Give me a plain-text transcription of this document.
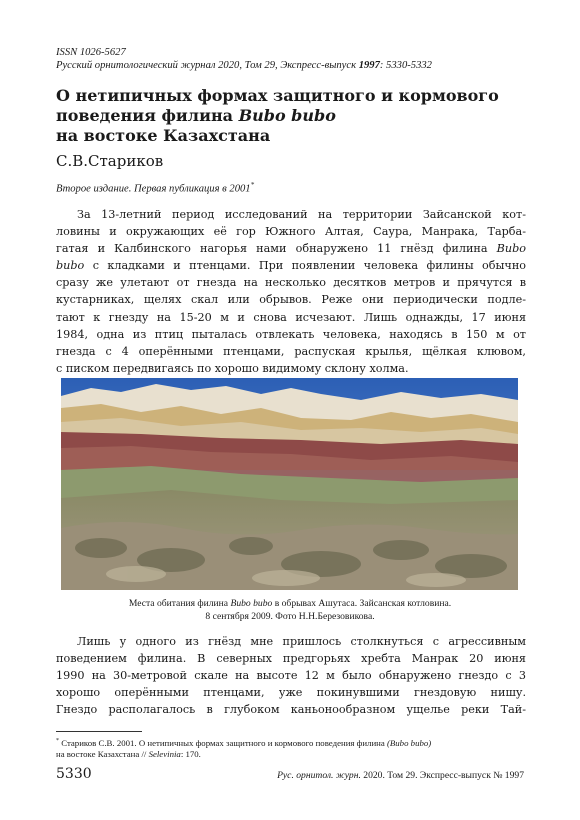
ISSN 1026-5627
Русский орнитологический журнал 2020, Том 29, Экспресс-выпуск 1997: 5330-5332
О нетипичных формах защитного и кормового
поведения филина Bubo bubo
на востоке Казахстана
С.В.Стариков
Второе издание. Первая публикация в 2001*
За 13-летний период исследований на территории Зайсанской кот-
ловины и окружающих её гор Южного Алтая, Саура, Манрака, Тарба-
гатая и Калбинского нагорья нами обнаружено 11 гнёзд филина Bubo
bubo с кладками и птенцами. При появлении человека филины обычно
сразу же улетают от гнезда на несколько десятков метров и прячутся в
кустарниках, щелях скал или обрывов. Реже они периодически подле-
тают к гнезду на 15-20 м и снова исчезают. Лишь однажды, 17 июня
1984, одна из птиц пыталась отвлекать человека, находясь в 150 м от
гнезда с 4 оперёнными птенцами, распуская крылья, щёлкая клювом,
с писком передвигаясь по хорошо видимому склону холма.
Места обитания филина Bubo bubo в обрывах Ашутаса. Зайсанская котловина.
8 сентября 2009. Фото Н.Н.Березовикова.
Лишь у одного из гнёзд мне пришлось столкнуться с агрессивным
поведением филина. В северных предгорьях хребта Манрак 20 июня
1990 на 30-метровой скале на высоте 12 м было обнаружено гнездо с 3
хорошо оперёнными птенцами, уже покинувшими гнездовую нишу.
Гнездо располагалось в глубоком каньонообразном ущелье реки Тай-
* Стариков С.В. 2001. О нетипичных формах защитного и кормового поведения филина (Bubo bubo)
на востоке Казахстана // Selevinia: 170.
5330	Рус. орнитол. журн. 2020. Том 29. Экспресс-выпуск № 1997
